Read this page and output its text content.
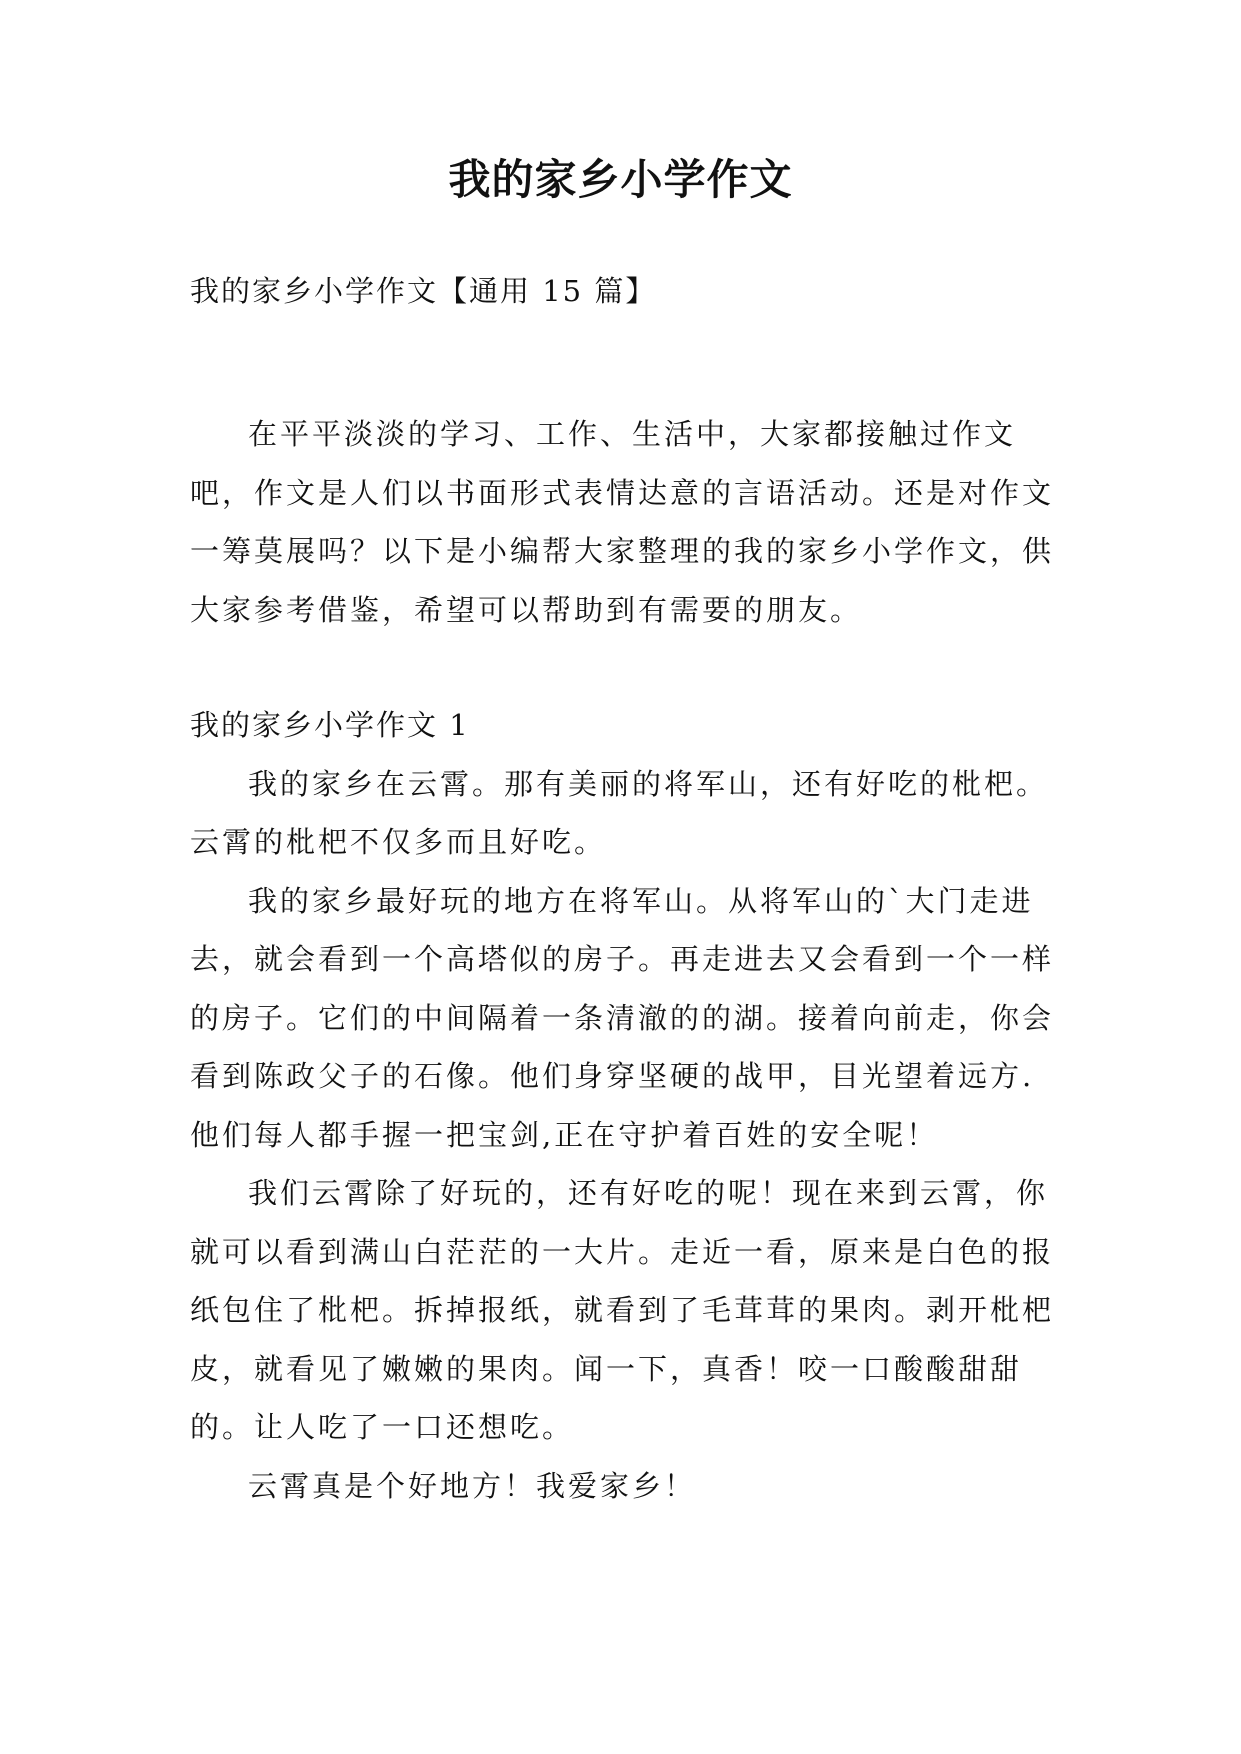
我的家乡小学作文
我的家乡小学作文【通用 15 篇】

在平平淡淡的学习、工作、生活中，大家都接触过作文吧，作文是人们以书面形式表情达意的言语活动。还是对作文一筹莫展吗？以下是小编帮大家整理的我的家乡小学作文，供大家参考借鉴，希望可以帮助到有需要的朋友。

我的家乡小学作文 1

我的家乡在云霄。那有美丽的将军山，还有好吃的枇杷。云霄的枇杷不仅多而且好吃。

我的家乡最好玩的地方在将军山。从将军山的`大门走进去，就会看到一个高塔似的房子。再走进去又会看到一个一样的房子。它们的中间隔着一条清澈的的湖。接着向前走，你会看到陈政父子的石像。他们身穿坚硬的战甲，目光望着远方.他们每人都手握一把宝剑,正在守护着百姓的安全呢！

我们云霄除了好玩的，还有好吃的呢！现在来到云霄，你就可以看到满山白茫茫的一大片。走近一看，原来是白色的报纸包住了枇杷。拆掉报纸，就看到了毛茸茸的果肉。剥开枇杷皮，就看见了嫩嫩的果肉。闻一下，真香！咬一口酸酸甜甜的。让人吃了一口还想吃。

云霄真是个好地方！我爱家乡！
